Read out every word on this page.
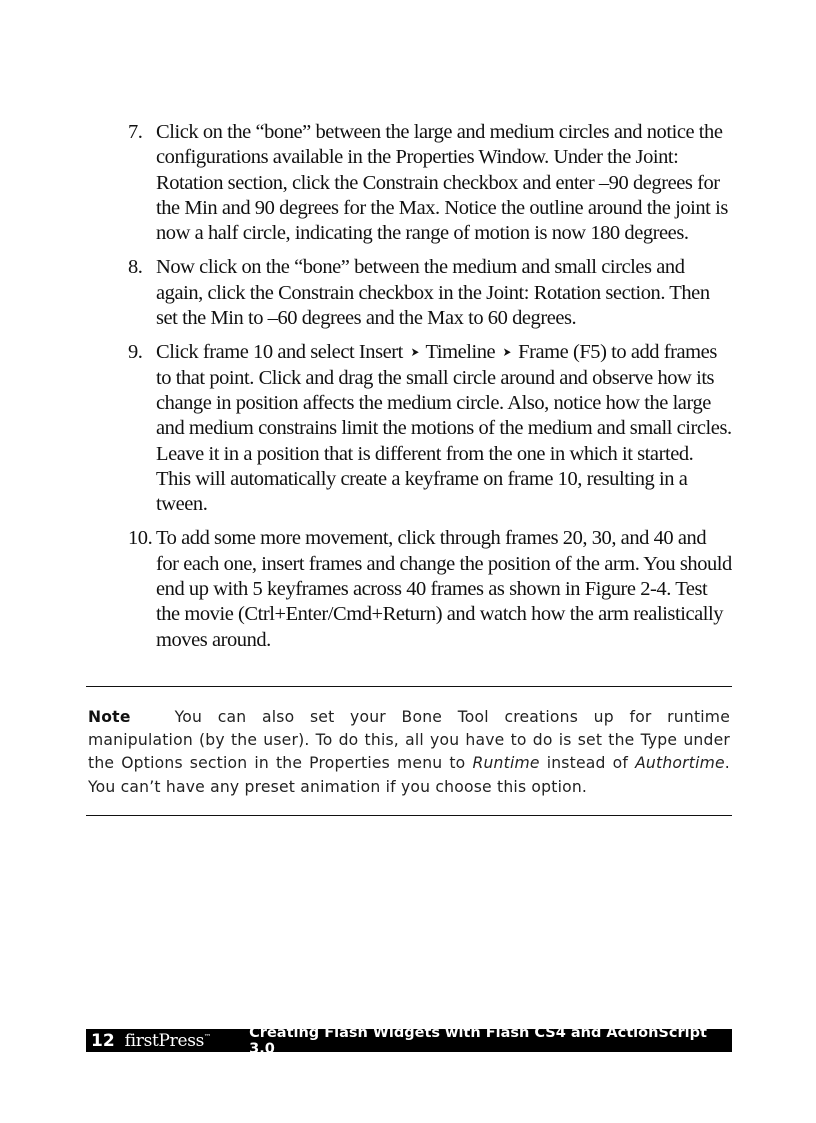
7. Click on the “bone” between the large and medium circles and notice the configurations available in the Properties Window. Under the Joint: Rotation section, click the Constrain checkbox and enter –90 degrees for the Min and 90 degrees for the Max. Notice the outline around the joint is now a half circle, indicating the range of motion is now 180 degrees.
8. Now click on the “bone” between the medium and small circles and again, click the Constrain checkbox in the Joint: Rotation section. Then set the Min to –60 degrees and the Max to 60 degrees.
9. Click frame 10 and select Insert ➤ Timeline ➤ Frame (F5) to add frames to that point. Click and drag the small circle around and observe how its change in position affects the medium circle. Also, notice how the large and medium constrains limit the motions of the medium and small circles. Leave it in a position that is different from the one in which it started. This will automatically create a keyframe on frame 10, resulting in a tween.
10. To add some more movement, click through frames 20, 30, and 40 and for each one, insert frames and change the position of the arm. You should end up with 5 keyframes across 40 frames as shown in Figure 2-4. Test the movie (Ctrl+Enter/Cmd+Return) and watch how the arm realistically moves around.

Note	You can also set your Bone Tool creations up for runtime manipulation (by the user). To do this, all you have to do is set the Type under the Options section in the Properties menu to Runtime instead of Authortime. You can’t have any preset animation if you choose this option.

12 firstPress™	Creating Flash Widgets with Flash CS4 and ActionScript 3.0
